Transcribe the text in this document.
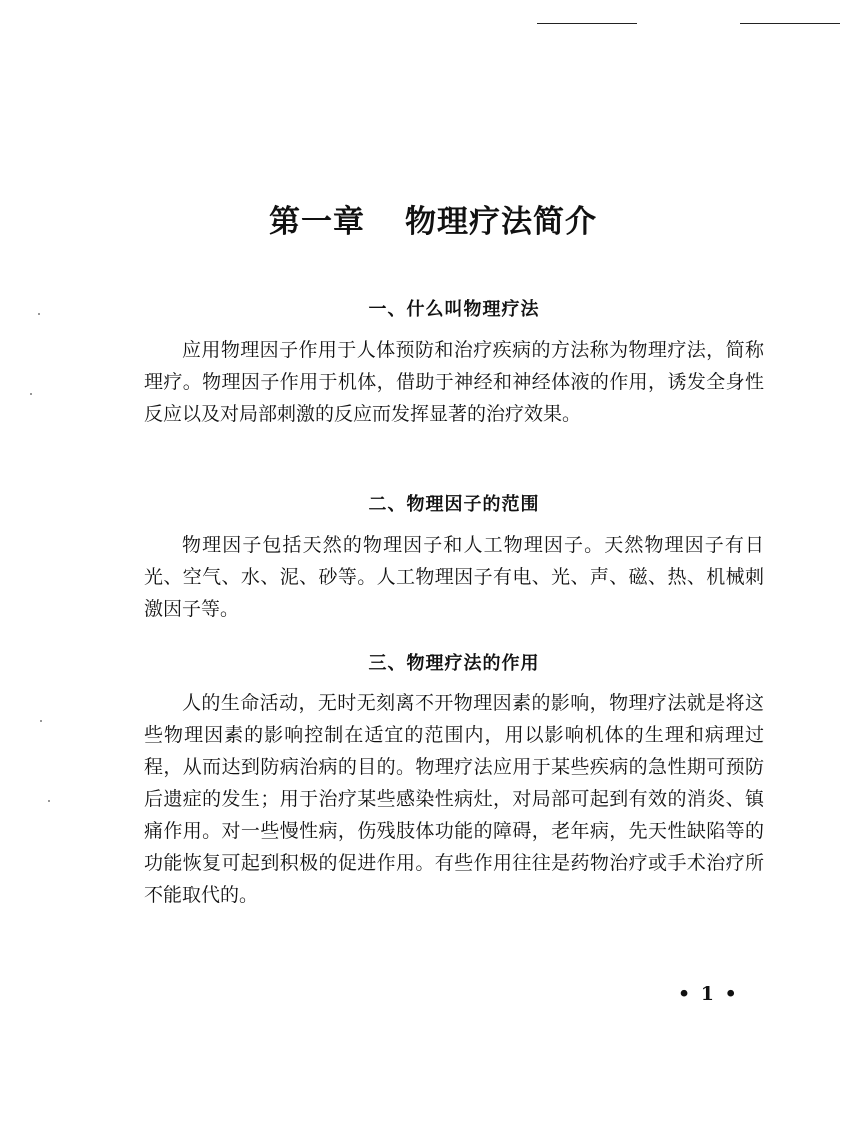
第一章 物理疗法简介
一、什么叫物理疗法

应用物理因子作用于人体预防和治疗疾病的方法称为物理疗法，简称理疗。物理因子作用于机体，借助于神经和神经体液的作用，诱发全身性反应以及对局部刺激的反应而发挥显著的治疗效果。

二、物理因子的范围

物理因子包括天然的物理因子和人工物理因子。天然物理因子有日光、空气、水、泥、砂等。人工物理因子有电、光、声、磁、热、机械刺激因子等。

三、物理疗法的作用

人的生命活动，无时无刻离不开物理因素的影响，物理疗法就是将这些物理因素的影响控制在适宜的范围内，用以影响机体的生理和病理过程，从而达到防病治病的目的。物理疗法应用于某些疾病的急性期可预防后遗症的发生；用于治疗某些感染性病灶，对局部可起到有效的消炎、镇痛作用。对一些慢性病，伤残肢体功能的障碍，老年病，先天性缺陷等的功能恢复可起到积极的促进作用。有些作用往往是药物治疗或手术治疗所不能取代的。

• 1 •
